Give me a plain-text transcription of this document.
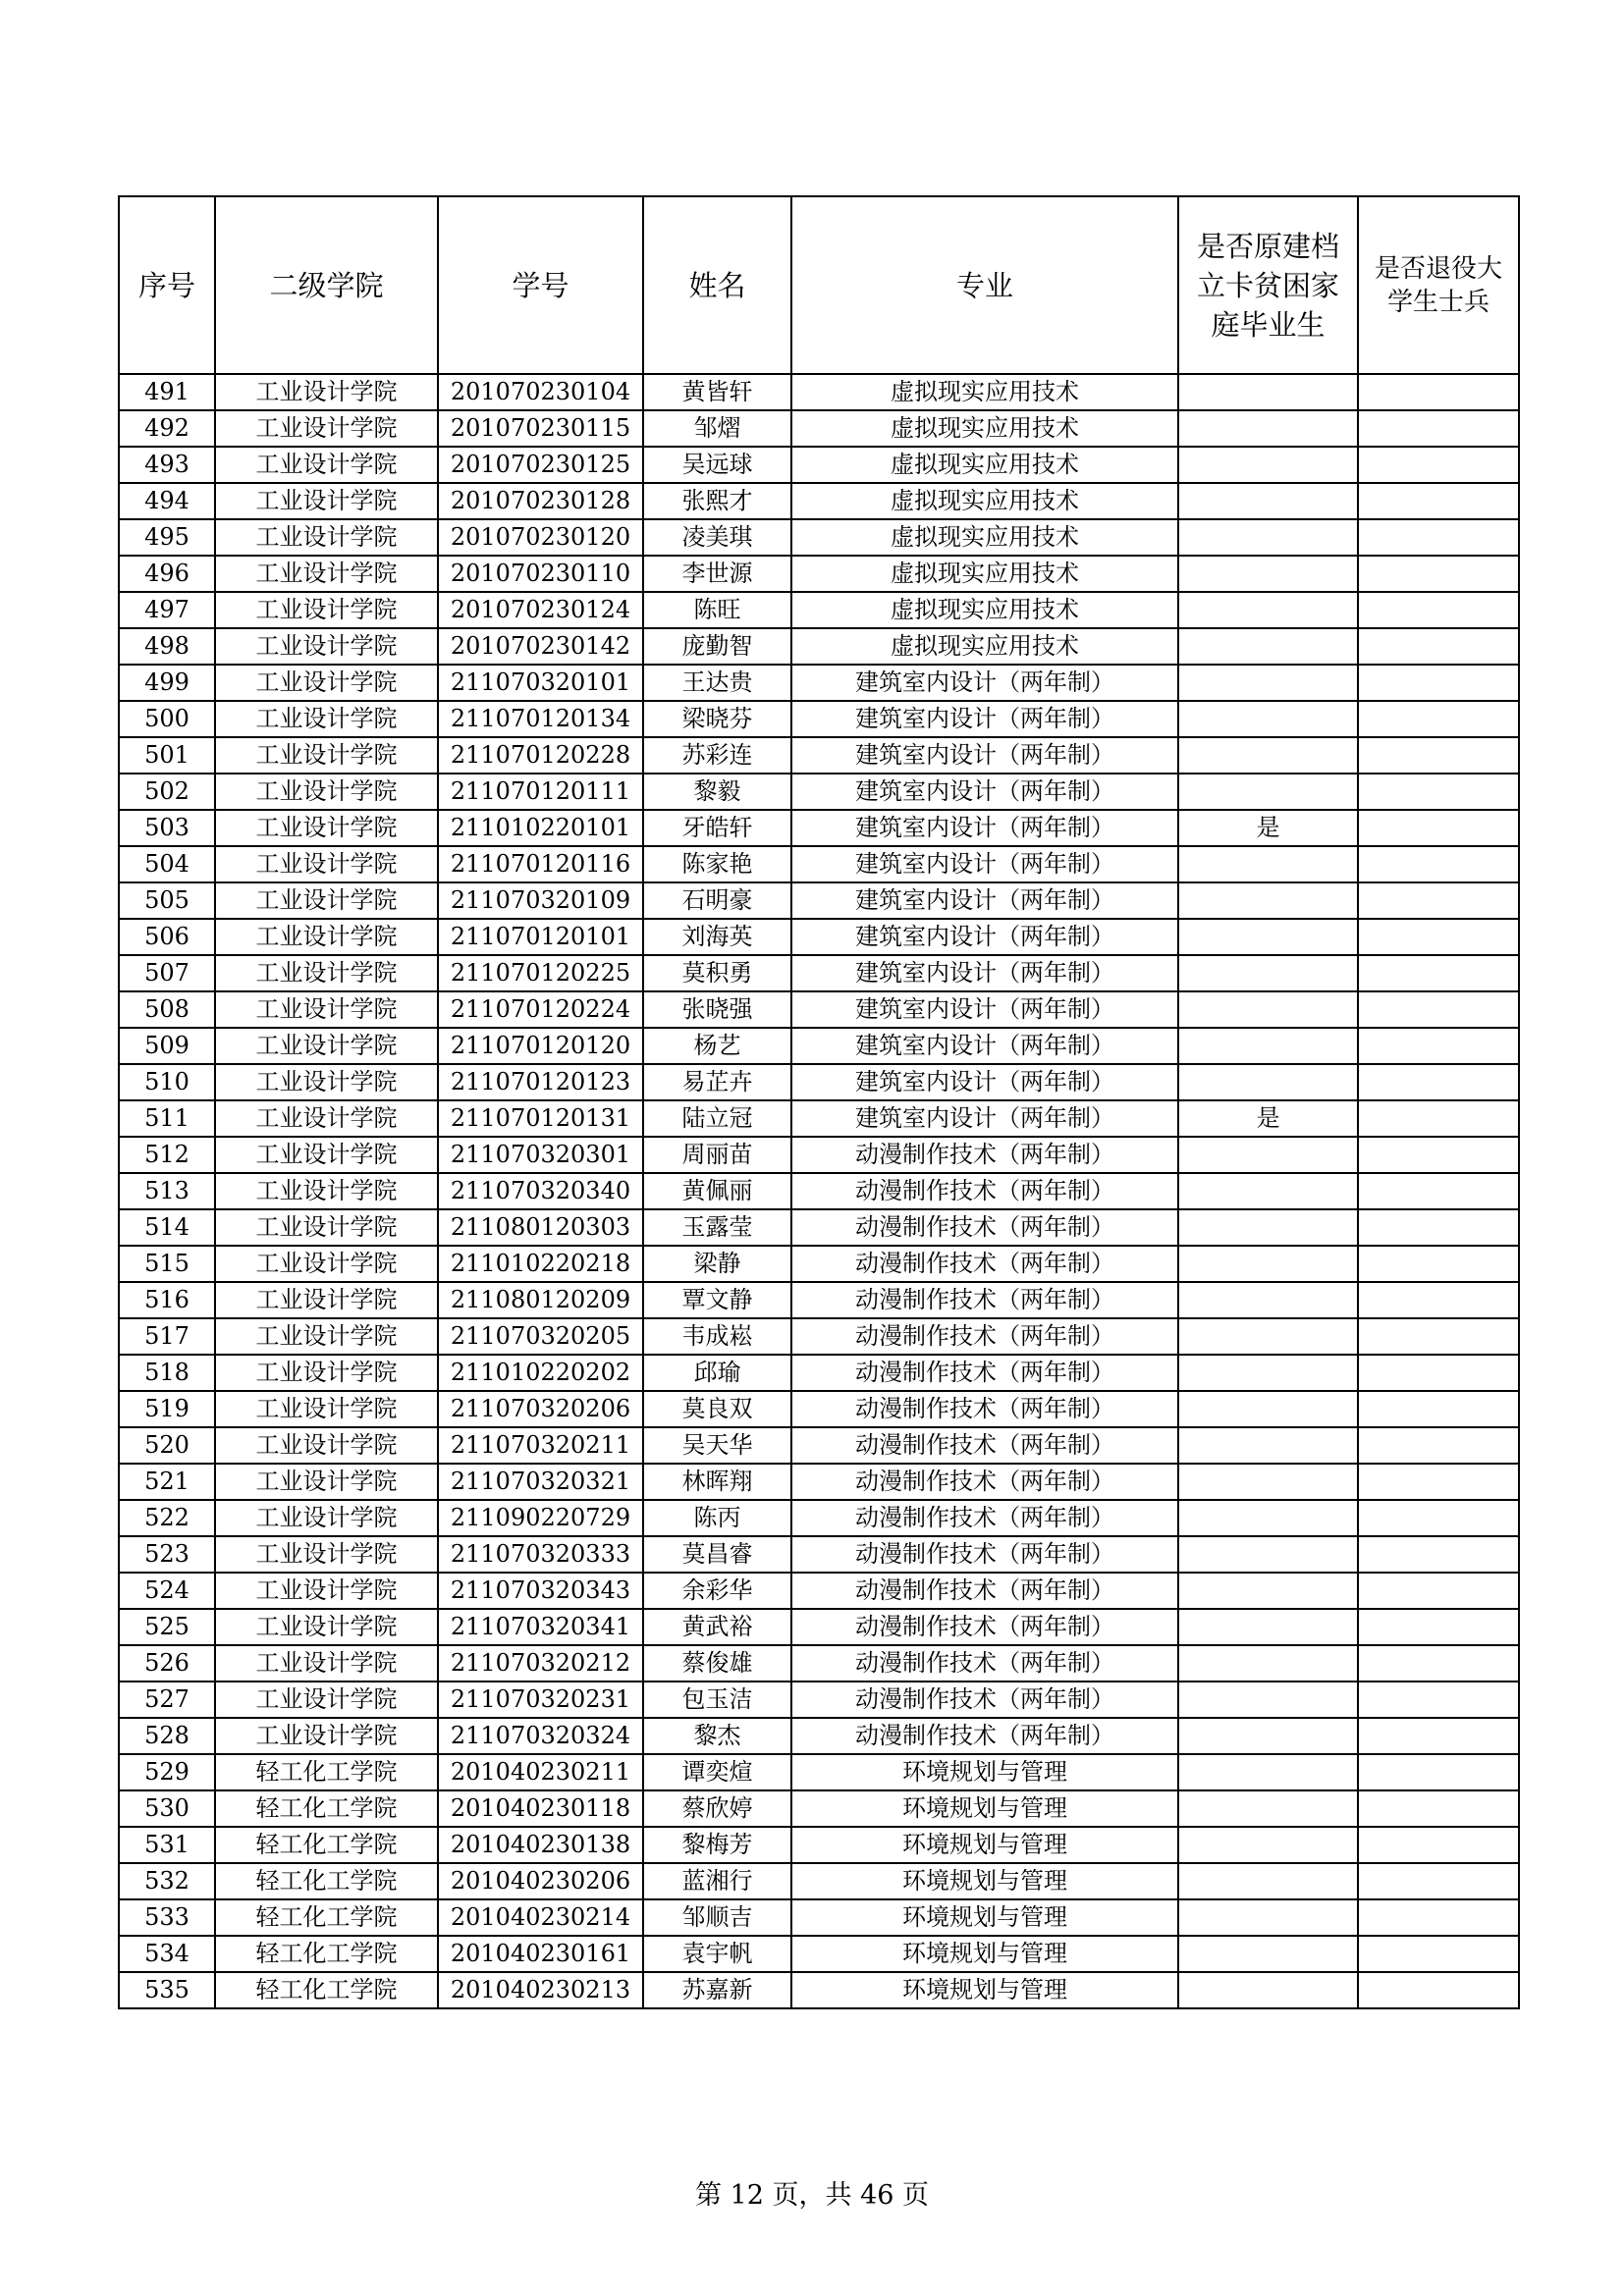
序号	二级学院	学号	姓名	专业	是否原建档立卡贫困家庭毕业生	是否退役大学生士兵
491	工业设计学院	201070230104	黄皆轩	虚拟现实应用技术		
492	工业设计学院	201070230115	邹熠	虚拟现实应用技术		
493	工业设计学院	201070230125	吴远球	虚拟现实应用技术		
494	工业设计学院	201070230128	张熙才	虚拟现实应用技术		
495	工业设计学院	201070230120	凌美琪	虚拟现实应用技术		
496	工业设计学院	201070230110	李世源	虚拟现实应用技术		
497	工业设计学院	201070230124	陈旺	虚拟现实应用技术		
498	工业设计学院	201070230142	庞勤智	虚拟现实应用技术		
499	工业设计学院	211070320101	王达贵	建筑室内设计（两年制）		
500	工业设计学院	211070120134	梁晓芬	建筑室内设计（两年制）		
501	工业设计学院	211070120228	苏彩连	建筑室内设计（两年制）		
502	工业设计学院	211070120111	黎毅	建筑室内设计（两年制）		
503	工业设计学院	211010220101	牙皓轩	建筑室内设计（两年制）	是	
504	工业设计学院	211070120116	陈家艳	建筑室内设计（两年制）		
505	工业设计学院	211070320109	石明豪	建筑室内设计（两年制）		
506	工业设计学院	211070120101	刘海英	建筑室内设计（两年制）		
507	工业设计学院	211070120225	莫积勇	建筑室内设计（两年制）		
508	工业设计学院	211070120224	张晓强	建筑室内设计（两年制）		
509	工业设计学院	211070120120	杨艺	建筑室内设计（两年制）		
510	工业设计学院	211070120123	易芷卉	建筑室内设计（两年制）		
511	工业设计学院	211070120131	陆立冠	建筑室内设计（两年制）	是	
512	工业设计学院	211070320301	周丽苗	动漫制作技术（两年制）		
513	工业设计学院	211070320340	黄佩丽	动漫制作技术（两年制）		
514	工业设计学院	211080120303	玉露莹	动漫制作技术（两年制）		
515	工业设计学院	211010220218	梁静	动漫制作技术（两年制）		
516	工业设计学院	211080120209	覃文静	动漫制作技术（两年制）		
517	工业设计学院	211070320205	韦成崧	动漫制作技术（两年制）		
518	工业设计学院	211010220202	邱瑜	动漫制作技术（两年制）		
519	工业设计学院	211070320206	莫良双	动漫制作技术（两年制）		
520	工业设计学院	211070320211	吴天华	动漫制作技术（两年制）		
521	工业设计学院	211070320321	林晖翔	动漫制作技术（两年制）		
522	工业设计学院	211090220729	陈丙	动漫制作技术（两年制）		
523	工业设计学院	211070320333	莫昌睿	动漫制作技术（两年制）		
524	工业设计学院	211070320343	余彩华	动漫制作技术（两年制）		
525	工业设计学院	211070320341	黄武裕	动漫制作技术（两年制）		
526	工业设计学院	211070320212	蔡俊雄	动漫制作技术（两年制）		
527	工业设计学院	211070320231	包玉洁	动漫制作技术（两年制）		
528	工业设计学院	211070320324	黎杰	动漫制作技术（两年制）		
529	轻工化工学院	201040230211	谭奕煊	环境规划与管理		
530	轻工化工学院	201040230118	蔡欣婷	环境规划与管理		
531	轻工化工学院	201040230138	黎梅芳	环境规划与管理		
532	轻工化工学院	201040230206	蓝湘行	环境规划与管理		
533	轻工化工学院	201040230214	邹顺吉	环境规划与管理		
534	轻工化工学院	201040230161	袁宇帆	环境规划与管理		
535	轻工化工学院	201040230213	苏嘉新	环境规划与管理		
第 12 页，共 46 页
